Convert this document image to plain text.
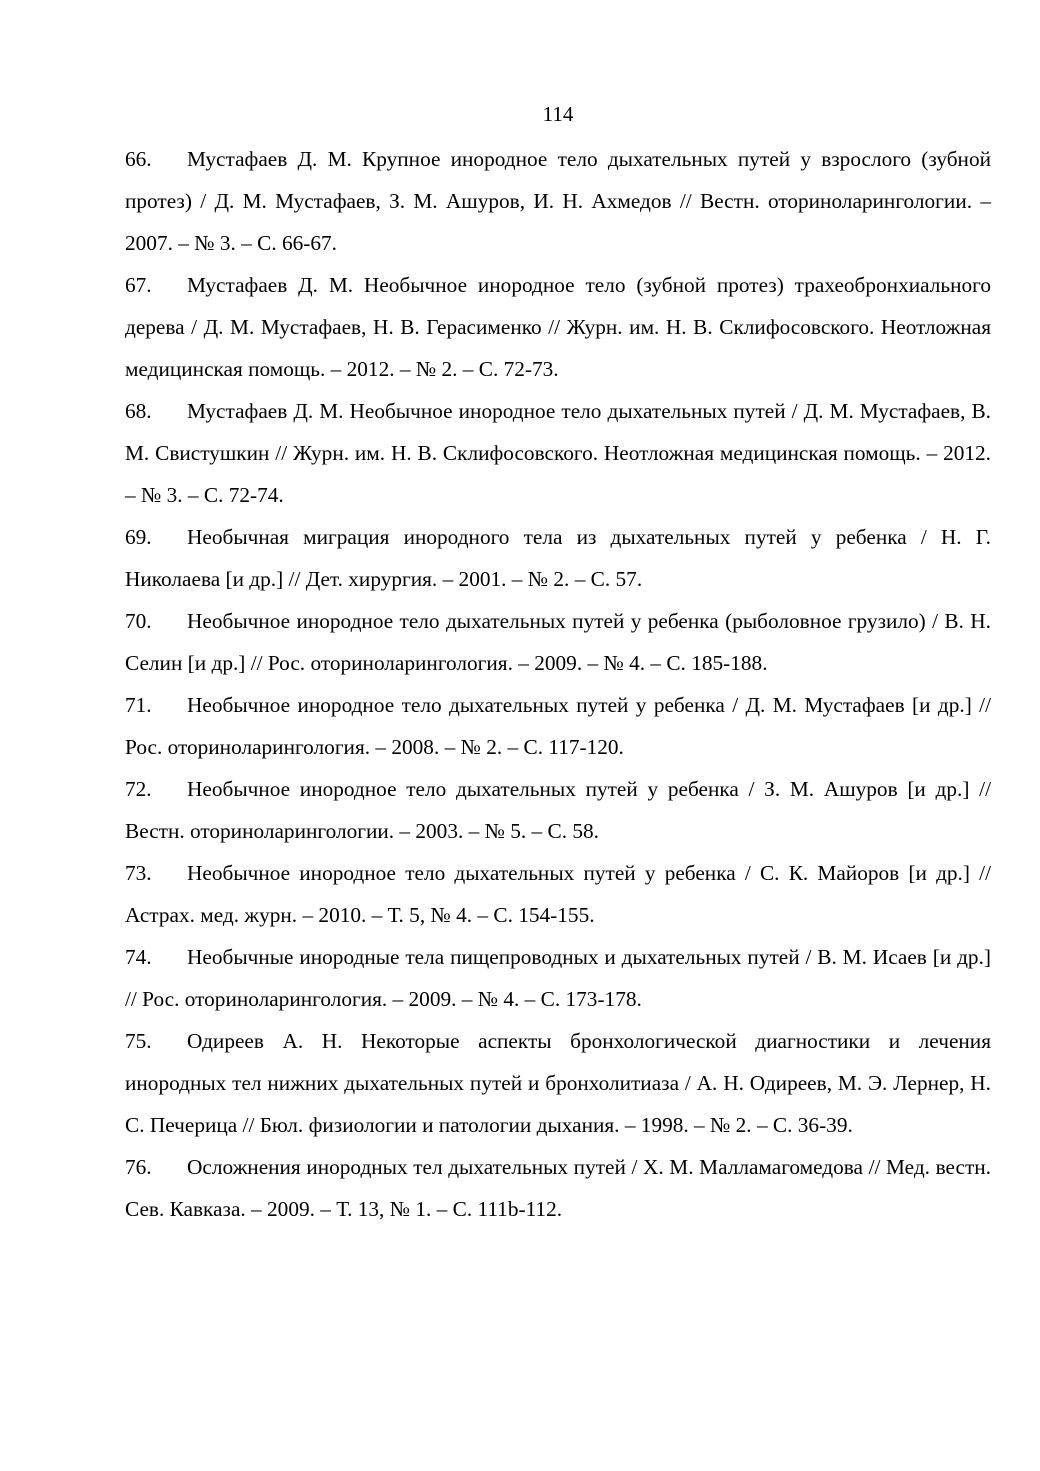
114
66. Мустафаев Д. М. Крупное инородное тело дыхательных путей у взрослого (зубной протез) / Д. М. Мустафаев, З. М. Ашуров, И. Н. Ахмедов // Вестн. оториноларингологии. – 2007. – № 3. – С. 66-67.
67. Мустафаев Д. М. Необычное инородное тело (зубной протез) трахеобронхиального дерева / Д. М. Мустафаев, Н. В. Герасименко // Журн. им. Н. В. Склифосовского. Неотложная медицинская помощь. – 2012. – № 2. – С. 72-73.
68. Мустафаев Д. М. Необычное инородное тело дыхательных путей / Д. М. Мустафаев, В. М. Свистушкин // Журн. им. Н. В. Склифосовского. Неотложная медицинская помощь. – 2012. – № 3. – С. 72-74.
69. Необычная миграция инородного тела из дыхательных путей у ребенка / Н. Г. Николаева [и др.] // Дет. хирургия. – 2001. – № 2. – С. 57.
70. Необычное инородное тело дыхательных путей у ребенка (рыболовное грузило) / В. Н. Селин [и др.] // Рос. оториноларингология. – 2009. – № 4. – С. 185-188.
71. Необычное инородное тело дыхательных путей у ребенка / Д. М. Мустафаев [и др.] // Рос. оториноларингология. – 2008. – № 2. – С. 117-120.
72. Необычное инородное тело дыхательных путей у ребенка / З. М. Ашуров [и др.] // Вестн. оториноларингологии. – 2003. – № 5. – С. 58.
73. Необычное инородное тело дыхательных путей у ребенка / С. К. Майоров [и др.] // Астрах. мед. журн. – 2010. – Т. 5, № 4. – С. 154-155.
74. Необычные инородные тела пищепроводных и дыхательных путей / В. М. Исаев [и др.] // Рос. оториноларингология. – 2009. – № 4. – С. 173-178.
75. Одиреев А. Н. Некоторые аспекты бронхологической диагностики и лечения инородных тел нижних дыхательных путей и бронхолитиаза / А. Н. Одиреев, М. Э. Лернер, Н. С. Печерица // Бюл. физиологии и патологии дыхания. – 1998. – № 2. – С. 36-39.
76. Осложнения инородных тел дыхательных путей / Х. М. Малламагомедова // Мед. вестн. Сев. Кавказа. – 2009. – Т. 13, № 1. – С. 111b-112.
